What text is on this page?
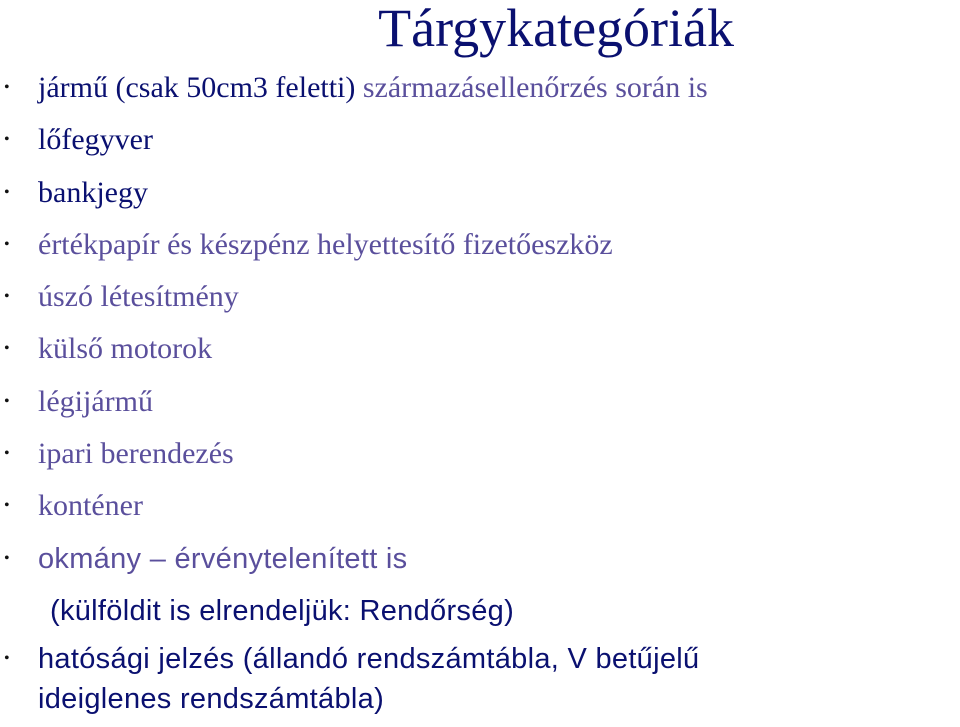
Tárgykategóriák
• jármű (csak 50cm3 feletti) származásellenőrzés során is
• lőfegyver
• bankjegy
• értékpapír és készpénz helyettesítő fizetőeszköz
• úszó létesítmény
• külső motorok
• légijármű
• ipari berendezés
• konténer
• okmány – érvénytelenített is
(külföldit is elrendeljük: Rendőrség)
• hatósági jelzés (állandó rendszámtábla, V betűjelű
ideiglenes rendszámtábla)
